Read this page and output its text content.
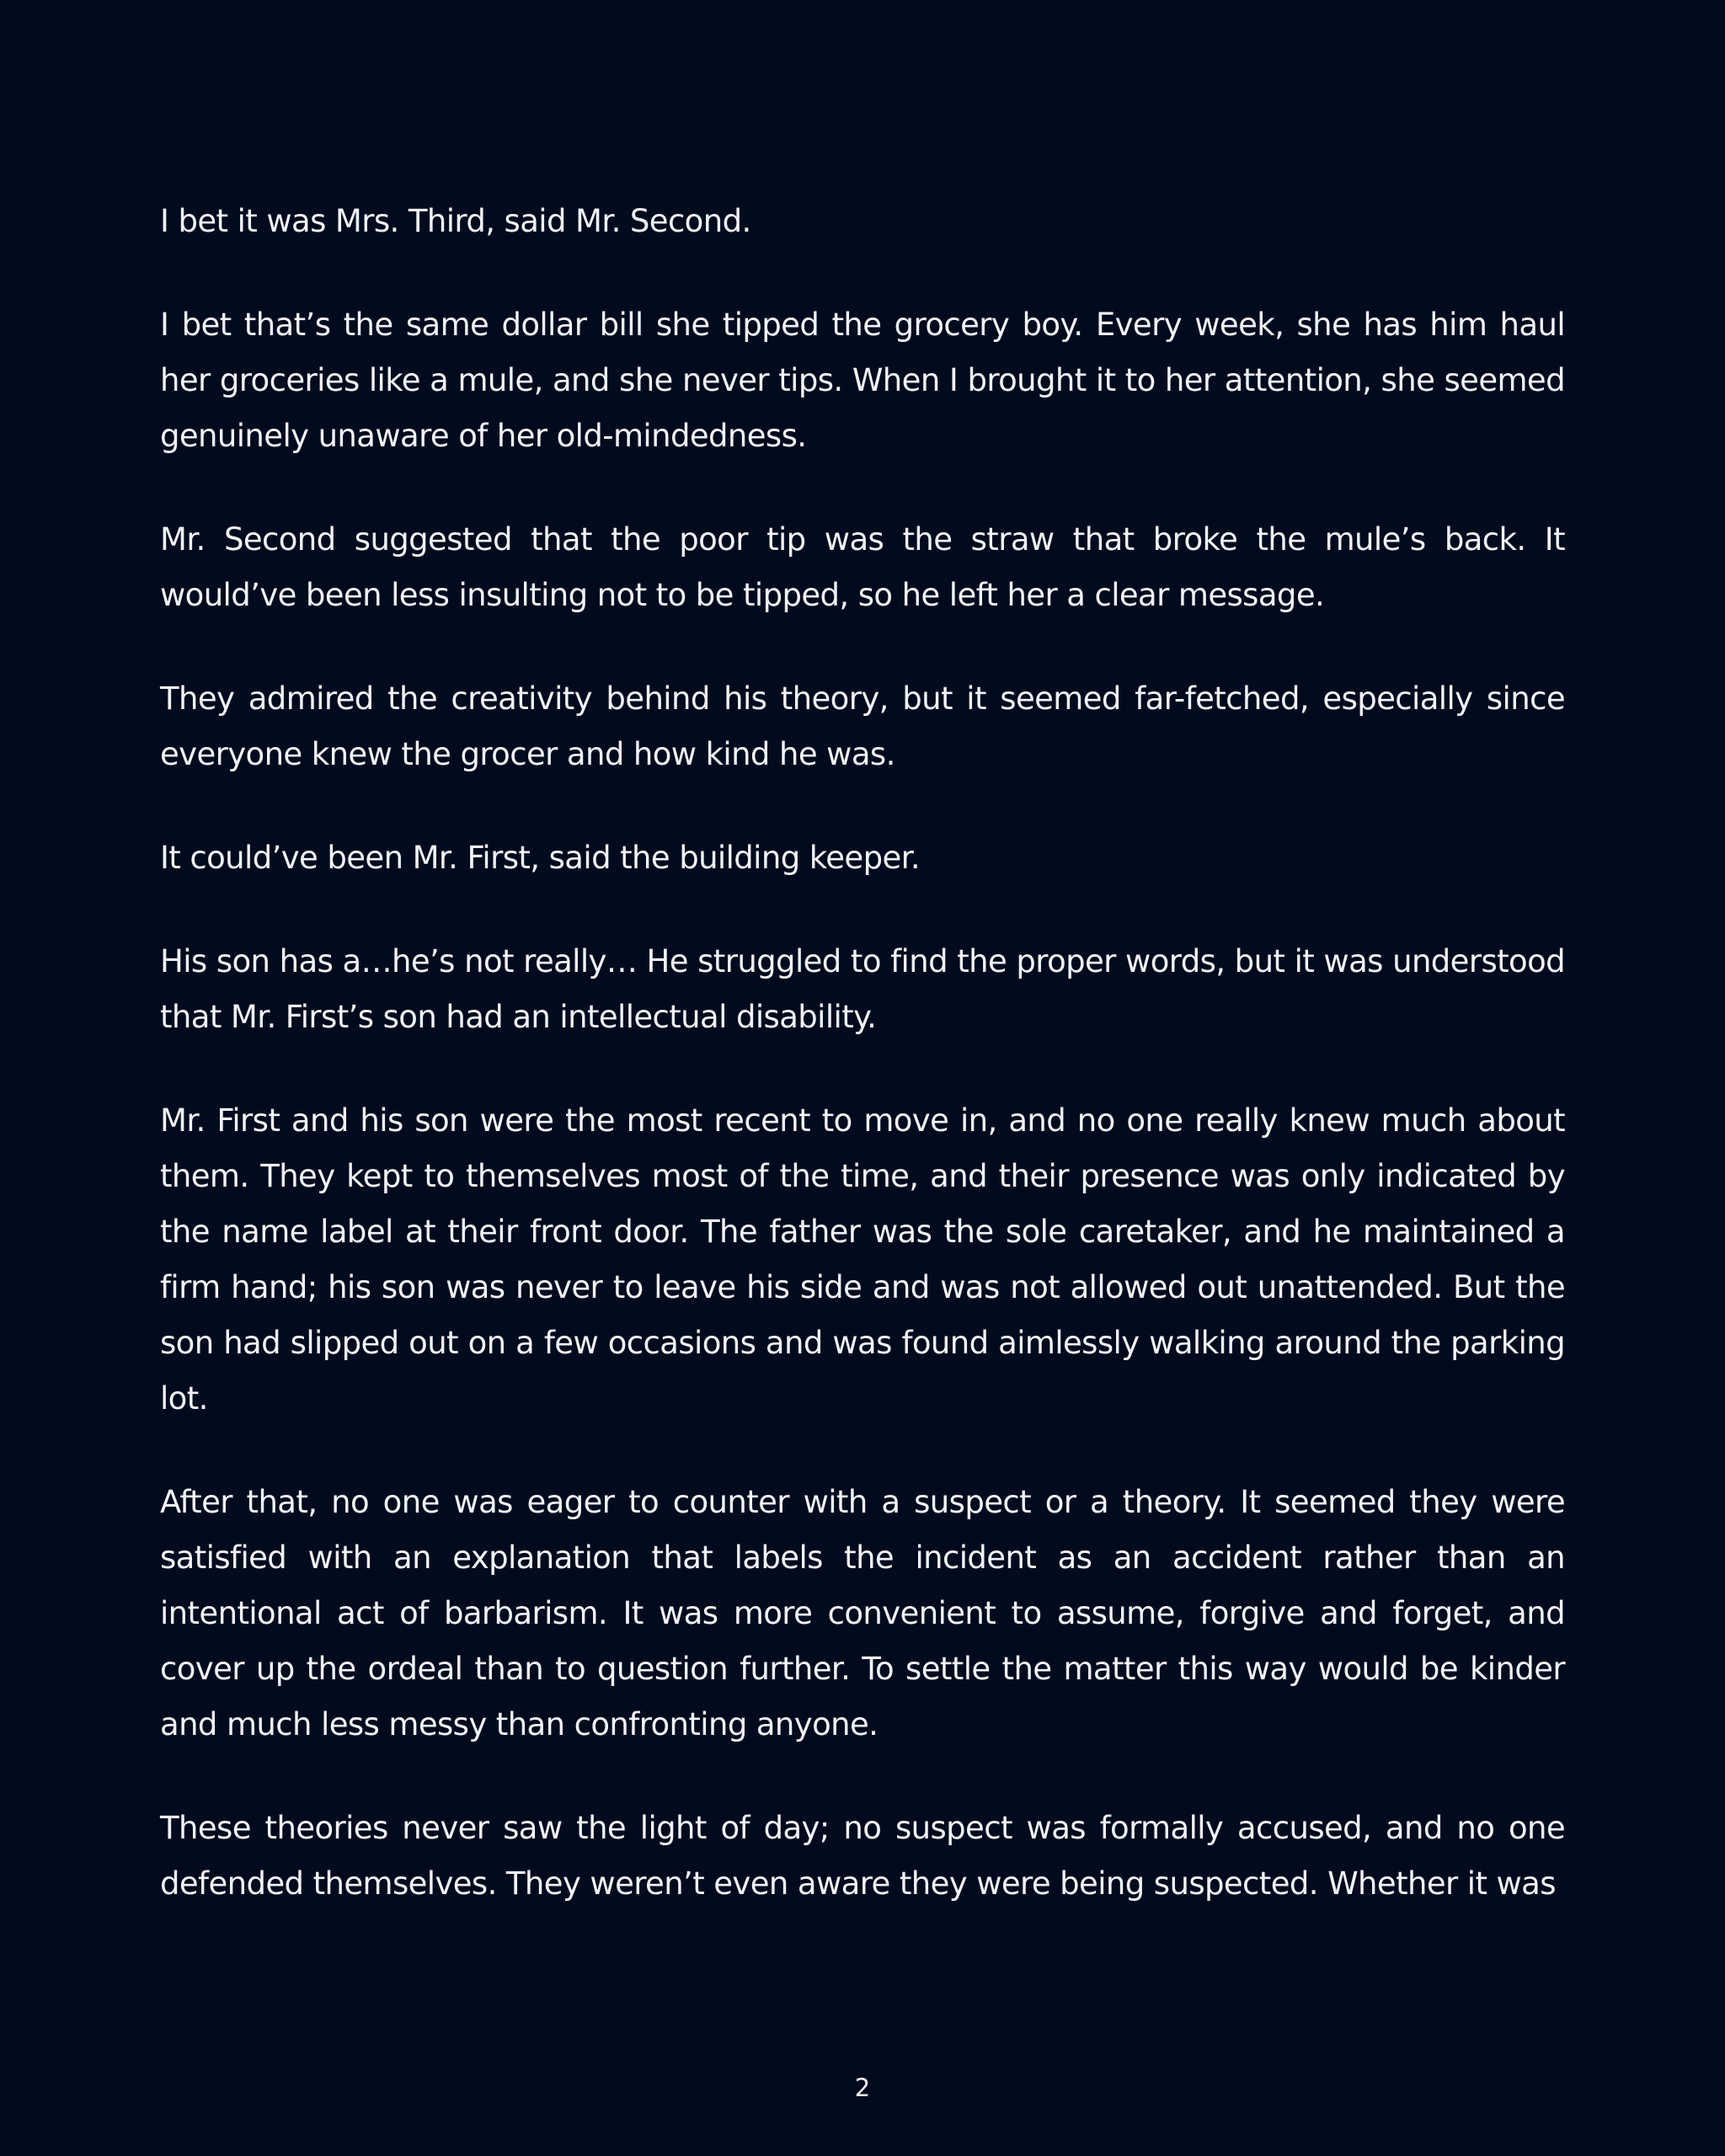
I bet it was Mrs. Third, said Mr. Second.

I bet that’s the same dollar bill she tipped the grocery boy. Every week, she has him haul her groceries like a mule, and she never tips. When I brought it to her attention, she seemed genuinely unaware of her old-mindedness.

Mr. Second suggested that the poor tip was the straw that broke the mule’s back. It would’ve been less insulting not to be tipped, so he left her a clear message.

They admired the creativity behind his theory, but it seemed far-fetched, especially since everyone knew the grocer and how kind he was.

It could’ve been Mr. First, said the building keeper.

His son has a…he’s not really… He struggled to find the proper words, but it was understood that Mr. First’s son had an intellectual disability.

Mr. First and his son were the most recent to move in, and no one really knew much about them. They kept to themselves most of the time, and their presence was only indicated by the name label at their front door. The father was the sole caretaker, and he maintained a firm hand; his son was never to leave his side and was not allowed out unattended. But the son had slipped out on a few occasions and was found aimlessly walking around the parking lot.

After that, no one was eager to counter with a suspect or a theory. It seemed they were satisfied with an explanation that labels the incident as an accident rather than an intentional act of barbarism. It was more convenient to assume, forgive and forget, and cover up the ordeal than to question further. To settle the matter this way would be kinder and much less messy than confronting anyone.

These theories never saw the light of day; no suspect was formally accused, and no one defended themselves. They weren’t even aware they were being suspected. Whether it was

2
